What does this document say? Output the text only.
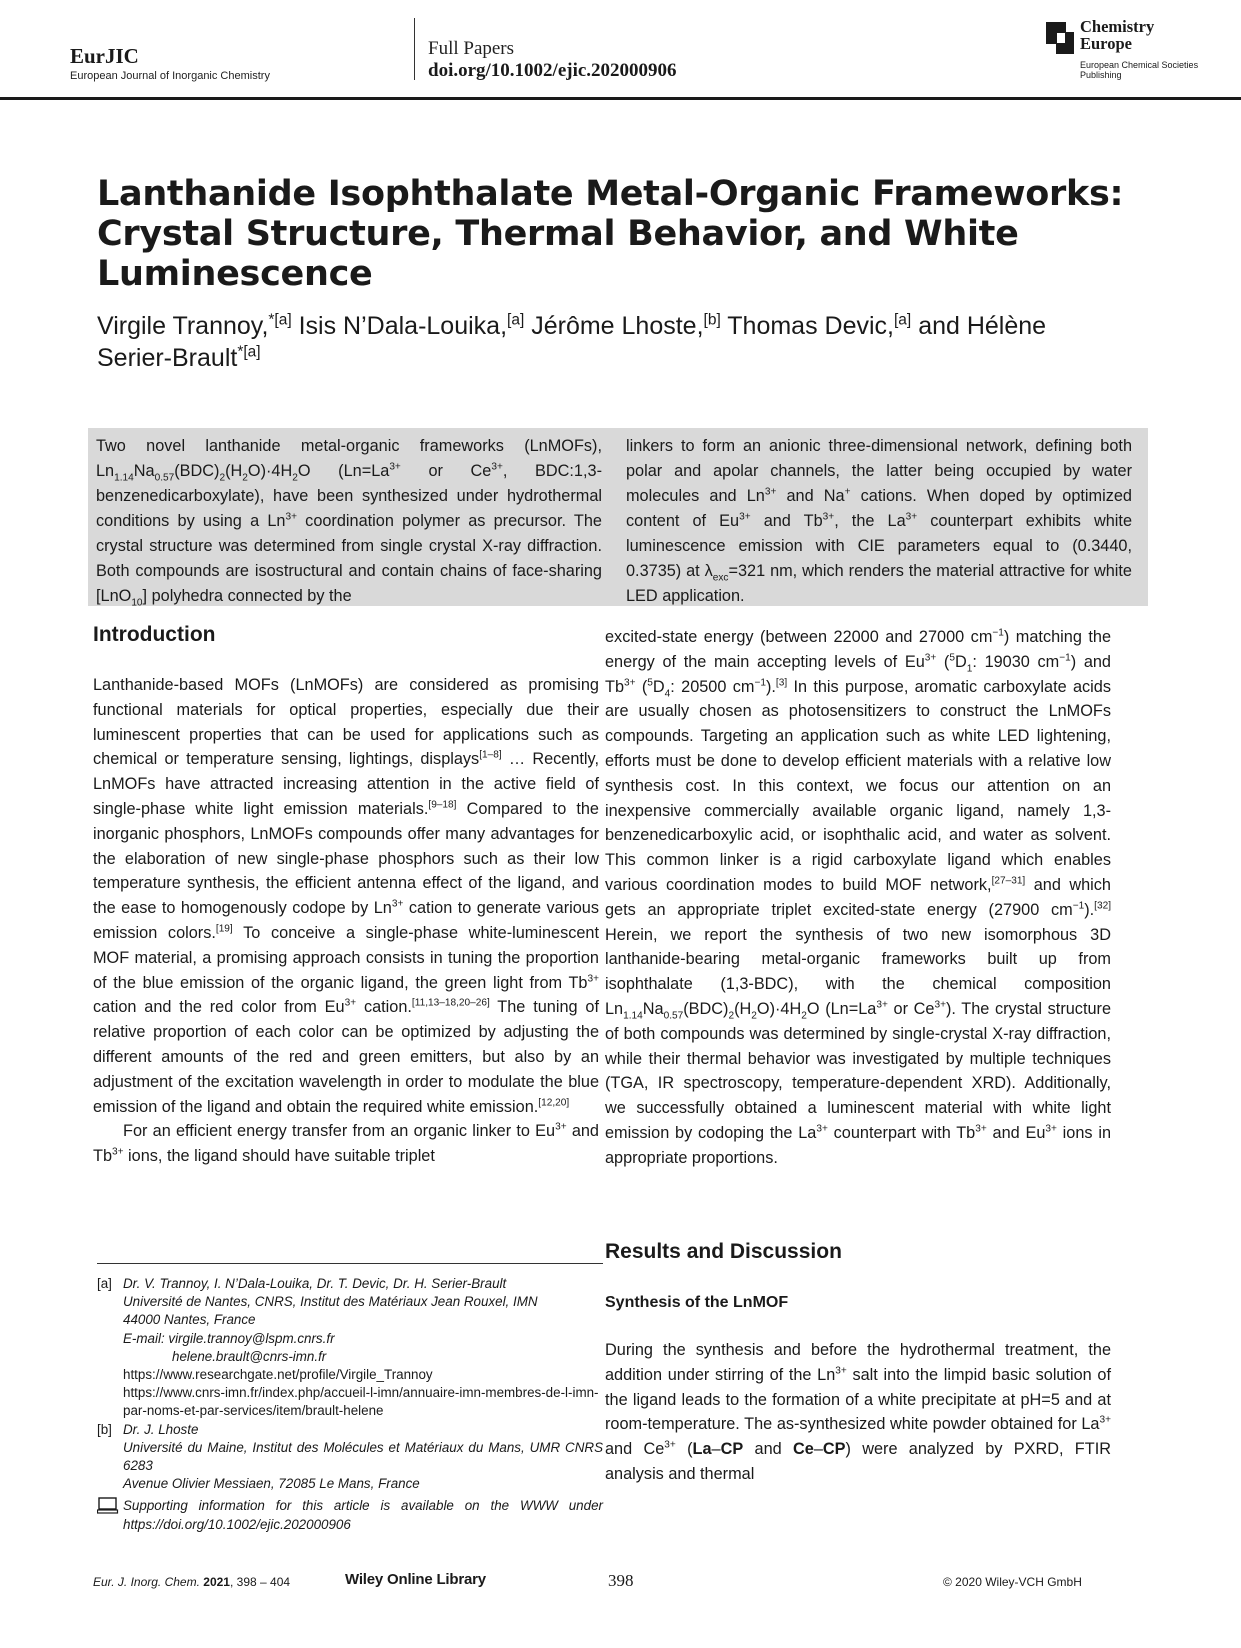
EurJIC
European Journal of Inorganic Chemistry
Full Papers
doi.org/10.1002/ejic.202000906
Chemistry Europe
European Chemical Societies Publishing
Lanthanide Isophthalate Metal-Organic Frameworks: Crystal Structure, Thermal Behavior, and White Luminescence
Virgile Trannoy,$^{*[a]}$ Isis N’Dala-Louika,[a] Jérôme Lhoste,[b] Thomas Devic,[a] and Hélène Serier-Brault$^{*[a]}$
Two novel lanthanide metal-organic frameworks (LnMOFs), $Ln_{1.14}Na_{0.57}(BDC)_2(H_2O)\cdot 4H_2O$ ($Ln=La^{3+}$ or $Ce^{3+}$, BDC:1,3-benzenedicarboxylate), have been synthesized under hydrothermal conditions by using a $Ln^{3+}$ coordination polymer as precursor. The crystal structure was determined from single crystal X-ray diffraction. Both compounds are isostructural and contain chains of face-sharing [LnO$_{10}$] polyhedra connected by the
linkers to form an anionic three-dimensional network, defining both polar and apolar channels, the latter being occupied by water molecules and $Ln^{3+}$ and Na+ cations. When doped by optimized content of $Eu^{3+}$ and $Tb^{3+}$, the $La^{3+}$ counterpart exhibits white luminescence emission with CIE parameters equal to (0.3440, 0.3735) at $\lambda_{exc}=321$ nm, which renders the material attractive for white LED application.
Introduction

Lanthanide-based MOFs (LnMOFs) are considered as promising functional materials for optical properties, especially due their luminescent properties that can be used for applications such as chemical or temperature sensing, lightings, displays[1–8] … Recently, LnMOFs have attracted increasing attention in the active field of single-phase white light emission materials.[9–18] Compared to the inorganic phosphors, LnMOFs compounds offer many advantages for the elaboration of new single-phase phosphors such as their low temperature synthesis, the efficient antenna effect of the ligand, and the ease to homogenously codope by $Ln^{3+}$ cation to generate various emission colors.[19] To conceive a single-phase white-luminescent MOF material, a promising approach consists in tuning the proportion of the blue emission of the organic ligand, the green light from $Tb^{3+}$ cation and the red color from $Eu^{3+}$ cation.[11,13–18,20–26] The tuning of relative proportion of each color can be optimized by adjusting the different amounts of the red and green emitters, but also by an adjustment of the excitation wavelength in order to modulate the blue emission of the ligand and obtain the required white emission.[12,20]

For an efficient energy transfer from an organic linker to $Eu^{3+}$ and $Tb^{3+}$ ions, the ligand should have suitable triplet

[a] Dr. V. Trannoy, I. N’Dala-Louika, Dr. T. Devic, Dr. H. Serier-Brault
Université de Nantes, CNRS, Institut des Matériaux Jean Rouxel, IMN
44000 Nantes, France
E-mail: virgile.trannoy@lspm.cnrs.fr
helene.brault@cnrs-imn.fr
https://www.researchgate.net/profile/Virgile_Trannoy
https://www.cnrs-imn.fr/index.php/accueil-l-imn/annuaire-imn-membres-de-l-imn-par-noms-et-par-services/item/brault-helene
[b] Dr. J. Lhoste
Université du Maine, Institut des Molécules et Matériaux du Mans, UMR CNRS 6283
Avenue Olivier Messiaen, 72085 Le Mans, France
Supporting information for this article is available on the WWW under https://doi.org/10.1002/ejic.202000906

excited-state energy (between 22000 and 27000 $cm^{-1}$) matching the energy of the main accepting levels of $Eu^{3+}$ ($^5D_1$: 19030 $cm^{-1}$) and $Tb^{3+}$ ($^5D_4$: 20500 $cm^{-1}).[3]$ In this purpose, aromatic carboxylate acids are usually chosen as photosensitizers to construct the LnMOFs compounds. Targeting an application such as white LED lightening, efforts must be done to develop efficient materials with a relative low synthesis cost. In this context, we focus our attention on an inexpensive commercially available organic ligand, namely 1,3-benzenedicarboxylic acid, or isophthalic acid, and water as solvent. This common linker is a rigid carboxylate ligand which enables various coordination modes to build MOF network,[27–31] and which gets an appropriate triplet excited-state energy (27900 $cm^{-1}).[32]$ Herein, we report the synthesis of two new isomorphous 3D lanthanide-bearing metal-organic frameworks built up from isophthalate (1,3-BDC), with the chemical composition $Ln_{1.14}Na_{0.57}(BDC)_2(H_2O)\cdot 4H_2O$ ($Ln=La^{3+}$ or $Ce^{3+}$). The crystal structure of both compounds was determined by single-crystal X-ray diffraction, while their thermal behavior was investigated by multiple techniques (TGA, IR spectroscopy, temperature-dependent XRD). Additionally, we successfully obtained a luminescent material with white light emission by codoping the $La^{3+}$ counterpart with $Tb^{3+}$ and $Eu^{3+}$ ions in appropriate proportions.

Results and Discussion
Synthesis of the LnMOF

During the synthesis and before the hydrothermal treatment, the addition under stirring of the $Ln^{3+}$ salt into the limpid basic solution of the ligand leads to the formation of a white precipitate at pH=5 and at room-temperature. The as-synthesized white powder obtained for $La^{3+}$ and $Ce^{3+}$ (La–CP and Ce–CP) were analyzed by PXRD, FTIR analysis and thermal

Eur. J. Inorg. Chem. 2021, 398 – 404	Wiley Online Library	398	© 2020 Wiley-VCH GmbH
